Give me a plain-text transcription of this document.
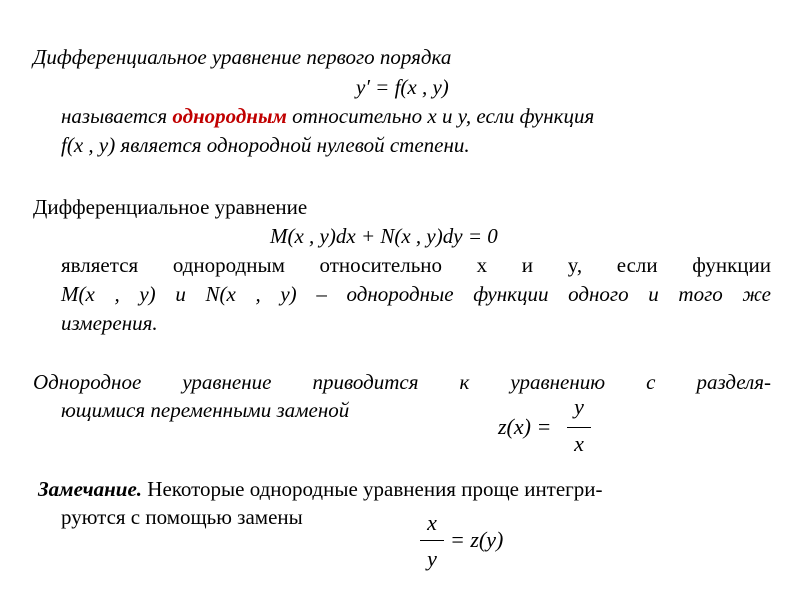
Дифференциальное уравнение первого порядка
y′ = f(x , y)
называется однородным относительно x и y, если функция
f(x , y) является однородной нулевой степени.
Дифференциальное уравнение
M(x , y)dx + N(x , y)dy = 0
является однородным относительно x и y, если функции
M(x , y) и N(x , y) – однородные функции одного и того же
измерения.
Однородное уравнение приводится к уравнению с разделя-
ющимися переменными заменой
z(x) =
y
x
Замечание. Некоторые однородные уравнения проще интегри-
руются с помощью замены	x
y
= z(y)
